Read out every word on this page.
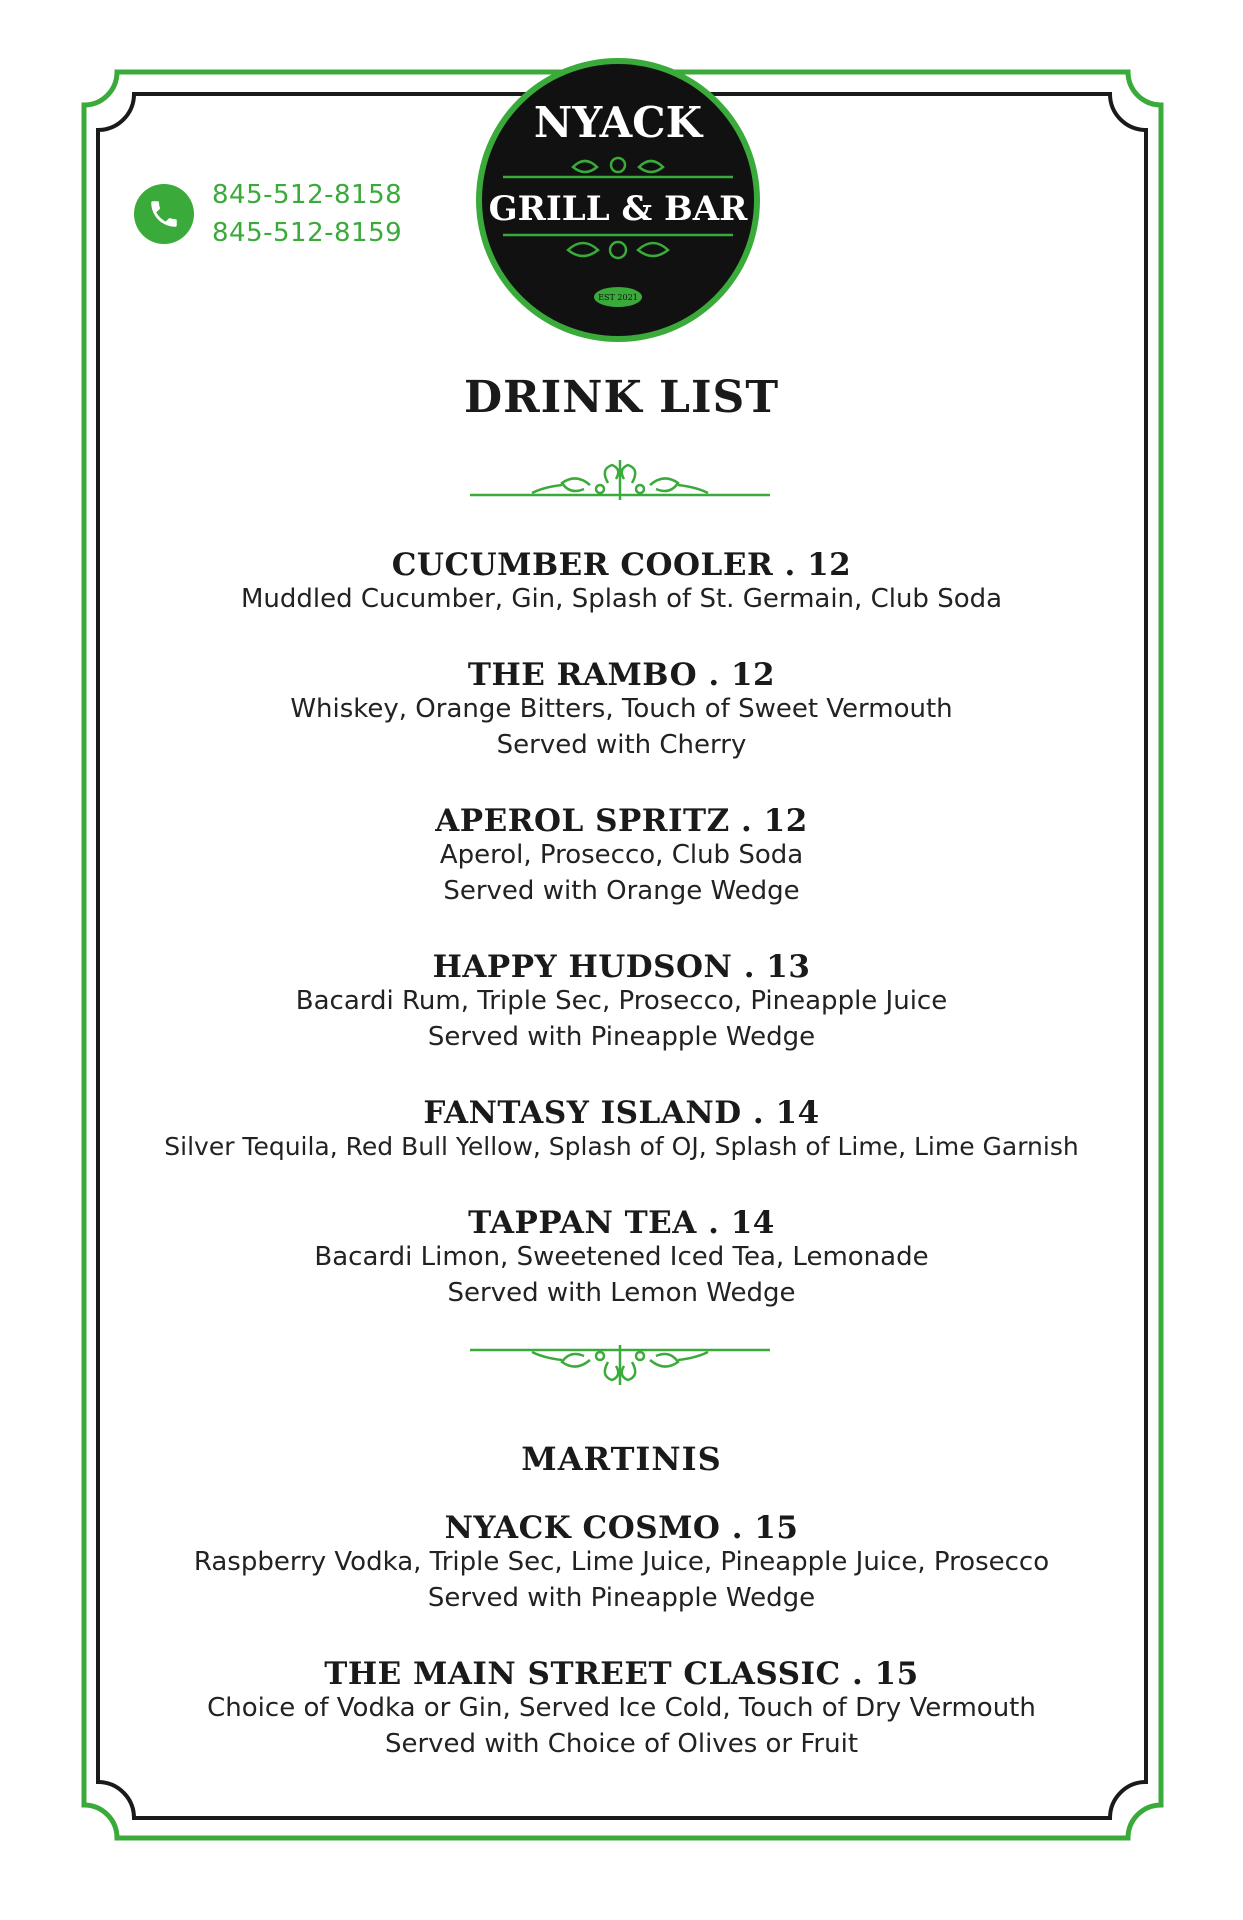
845-512-8158
845-512-8159
NYACK
GRILL & BAR
EST 2021
DRINK LIST
CUCUMBER COOLER . 12
Muddled Cucumber, Gin, Splash of St. Germain, Club Soda
THE RAMBO . 12
Whiskey, Orange Bitters, Touch of Sweet Vermouth
Served with Cherry
APEROL SPRITZ . 12
Aperol, Prosecco, Club Soda
Served with Orange Wedge
HAPPY HUDSON . 13
Bacardi Rum, Triple Sec, Prosecco, Pineapple Juice
Served with Pineapple Wedge
FANTASY ISLAND . 14
Silver Tequila, Red Bull Yellow, Splash of OJ, Splash of Lime, Lime Garnish
TAPPAN TEA . 14
Bacardi Limon, Sweetened Iced Tea, Lemonade
Served with Lemon Wedge
MARTINIS
NYACK COSMO . 15
Raspberry Vodka, Triple Sec, Lime Juice, Pineapple Juice, Prosecco
Served with Pineapple Wedge
THE MAIN STREET CLASSIC . 15
Choice of Vodka or Gin, Served Ice Cold, Touch of Dry Vermouth
Served with Choice of Olives or Fruit
